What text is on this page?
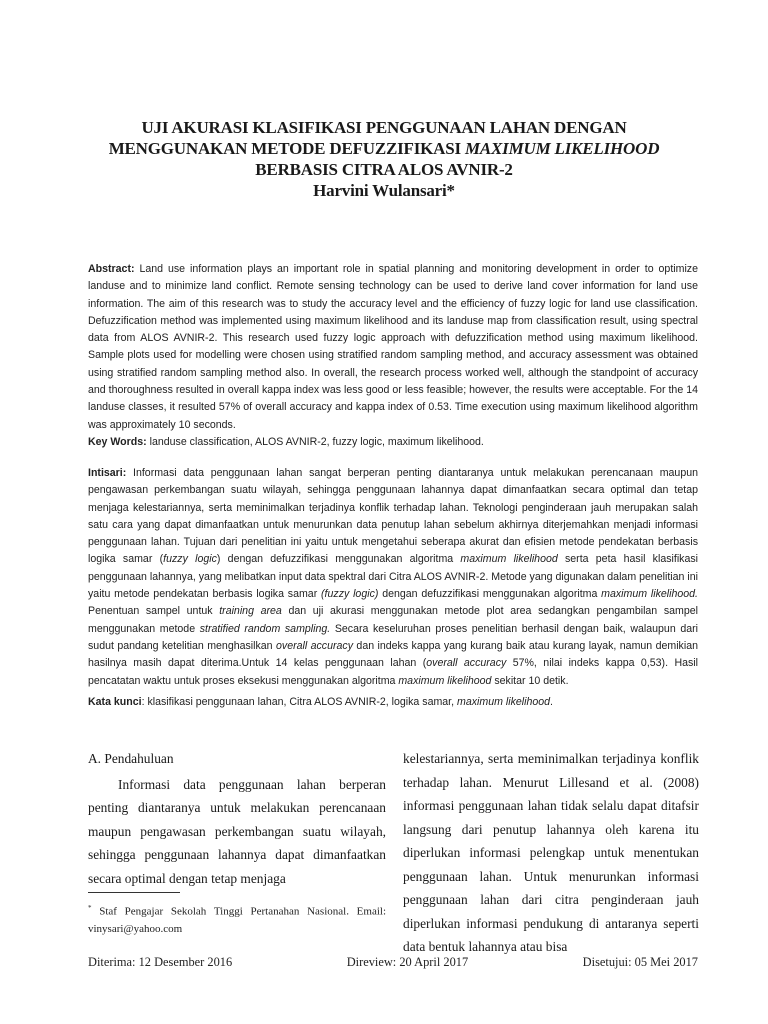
UJI AKURASI KLASIFIKASI PENGGUNAAN LAHAN DENGAN
MENGGUNAKAN METODE DEFUZZIFIKASI MAXIMUM LIKELIHOOD
BERBASIS CITRA ALOS AVNIR-2
Harvini Wulansari*
Abstract: Land use information plays an important role in spatial planning and monitoring development in order to optimize landuse and to minimize land conflict. Remote sensing technology can be used to derive land cover information for land use information. The aim of this research was to study the accuracy level and the efficiency of fuzzy logic for land use classification. Defuzzification method was implemented using maximum likelihood and its landuse map from classification result, using spectral data from ALOS AVNIR-2. This research used fuzzy logic approach with defuzzification method using maximum likelihood. Sample plots used for modelling were chosen using stratified random sampling method, and accuracy assessment was obtained using stratified random sampling method also. In overall, the research process worked well, although the standpoint of accuracy and thoroughness resulted in overall kappa index was less good or less feasible; however, the results were acceptable. For the 14 landuse classes, it resulted 57% of overall accuracy and kappa index of 0.53. Time execution using maximum likelihood algorithm was approximately 10 seconds.
Key Words: landuse classification, ALOS AVNIR-2, fuzzy logic, maximum likelihood.
Intisari: Informasi data penggunaan lahan sangat berperan penting diantaranya untuk melakukan perencanaan maupun pengawasan perkembangan suatu wilayah, sehingga penggunaan lahannya dapat dimanfaatkan secara optimal dan tetap menjaga kelestariannya, serta meminimalkan terjadinya konflik terhadap lahan. Teknologi penginderaan jauh merupakan salah satu cara yang dapat dimanfaatkan untuk menurunkan data penutup lahan sebelum akhirnya diterjemahkan menjadi informasi penggunaan lahan. Tujuan dari penelitian ini yaitu untuk mengetahui seberapa akurat dan efisien metode pendekatan berbasis logika samar (fuzzy logic) dengan defuzzifikasi menggunakan algoritma maximum likelihood serta peta hasil klasifikasi penggunaan lahannya, yang melibatkan input data spektral dari Citra ALOS AVNIR-2. Metode yang digunakan dalam penelitian ini yaitu metode pendekatan berbasis logika samar (fuzzy logic) dengan defuzzifikasi menggunakan algoritma maximum likelihood. Penentuan sampel untuk training area dan uji akurasi menggunakan metode plot area sedangkan pengambilan sampel menggunakan metode stratified random sampling. Secara keseluruhan proses penelitian berhasil dengan baik, walaupun dari sudut pandang ketelitian menghasilkan overall accuracy dan indeks kappa yang kurang baik atau kurang layak, namun demikian hasilnya masih dapat diterima.Untuk 14 kelas penggunaan lahan (overall accuracy 57%, nilai indeks kappa 0,53). Hasil pencatatan waktu untuk proses eksekusi menggunakan algoritma maximum likelihood sekitar 10 detik.
Kata kunci: klasifikasi penggunaan lahan, Citra ALOS AVNIR-2, logika samar, maximum likelihood.
A. Pendahuluan

Informasi data penggunaan lahan berperan penting diantaranya untuk melakukan perencanaan maupun pengawasan perkembangan suatu wilayah, sehingga penggunaan lahannya dapat dimanfaatkan secara optimal dengan tetap menjaga

kelestariannya, serta meminimalkan terjadinya konflik terhadap lahan. Menurut Lillesand et al. (2008) informasi penggunaan lahan tidak selalu dapat ditafsir langsung dari penutup lahannya oleh karena itu diperlukan informasi pelengkap untuk menentukan penggunaan lahan. Untuk menurunkan informasi penggunaan lahan dari citra penginderaan jauh diperlukan informasi pendukung di antaranya seperti data bentuk lahannya atau bisa

* Staf Pengajar Sekolah Tinggi Pertanahan Nasional. Email: vinysari@yahoo.com
Diterima: 12 Desember 2016	Direview: 20 April 2017	Disetujui: 05 Mei 2017
